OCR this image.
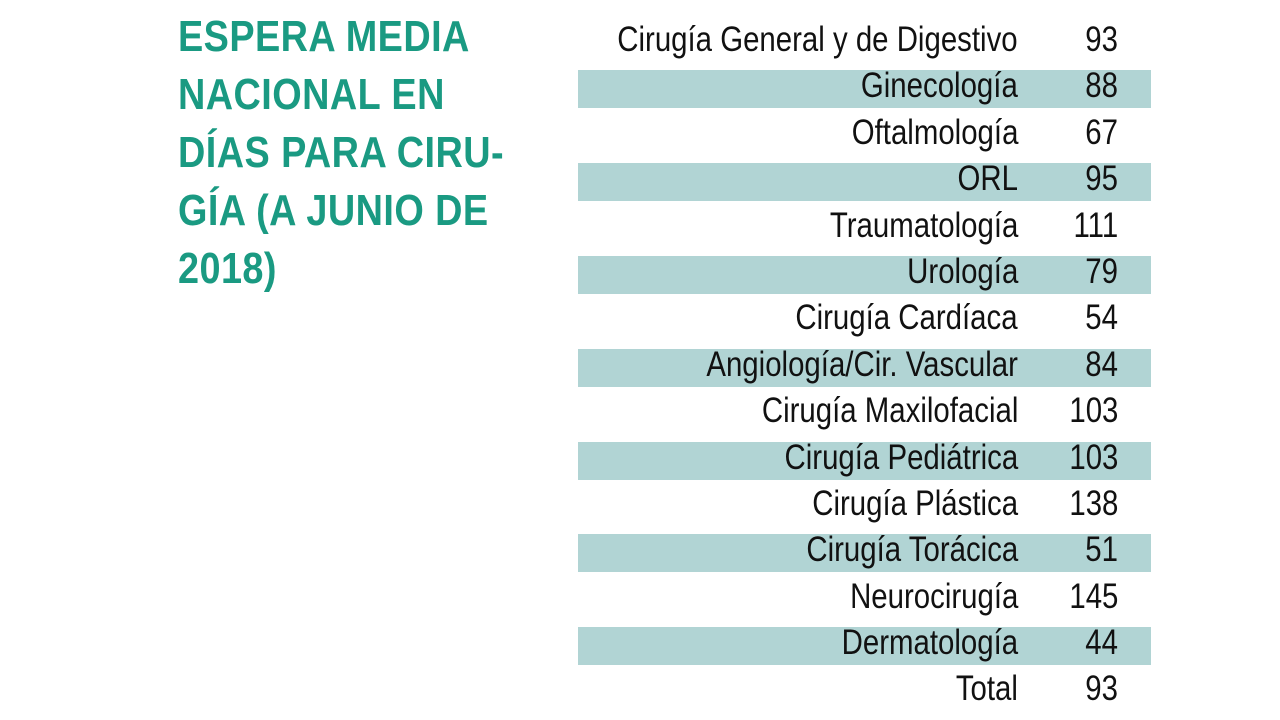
ESPERA MEDIA
NACIONAL EN
DÍAS PARA CIRU-
GÍA (A JUNIO DE
2018)
Cirugía General y de Digestivo 93
Ginecología 88
Oftalmología 67
ORL 95
Traumatología 111
Urología 79
Cirugía Cardíaca 54
Angiología/Cir. Vascular 84
Cirugía Maxilofacial 103
Cirugía Pediátrica 103
Cirugía Plástica 138
Cirugía Torácica 51
Neurocirugía 145
Dermatología 44
Total 93
